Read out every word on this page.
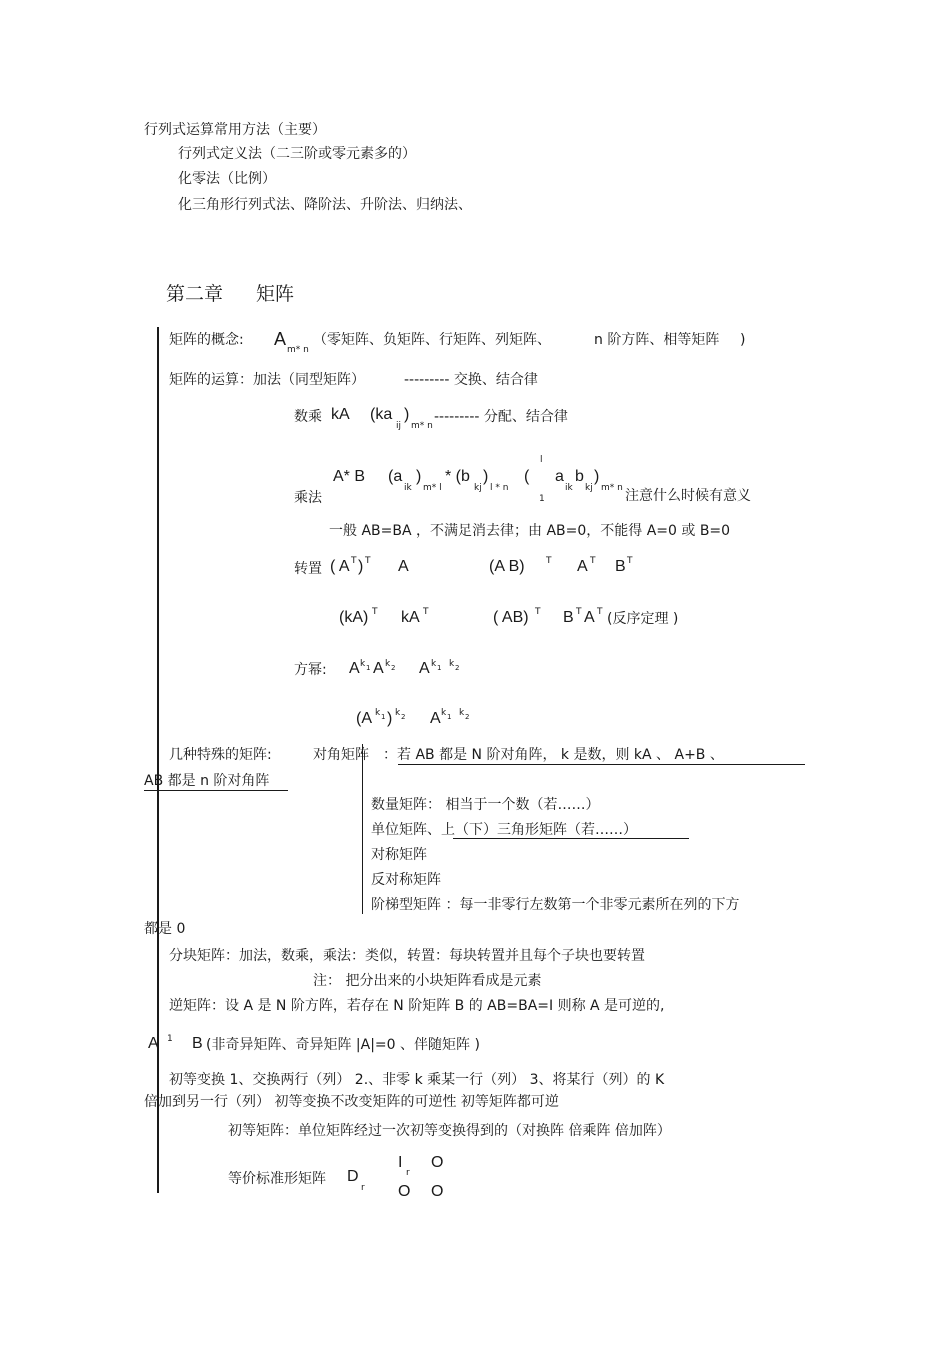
行列式运算常用方法（主要）
行列式定义法（二三阶或零元素多的）
化零法（比例）
化三角形行列式法、降阶法、升阶法、归纳法、
第二章 矩阵
矩阵的概念: A
m* n
（零矩阵、负矩阵、行矩阵、列矩阵、	n 阶方阵、相等矩阵 )
矩阵的运算：加法（同型矩阵）	--------- 交换、结合律
数乘 kA (ka
ij
)
m* n
--------- 分配、结合律
l
A* B (a
ik
)
m* l
* (b
kj
)
l * n
( a
ik
b
kj
)
m* n
乘法	1	注意什么时候有意义
一般 AB=BA ，不满足消去律；由 AB=0，不能得 A=0 或 B=0
转置 ( A T ) T A	(A B) T A T B T
(kA) T kA T	( AB) T B T A T (反序定理 )
方幂: A k 1 A k 2 A k 1 k 2
(A k 1 ) k 2 A k 1 k 2
几种特殊的矩阵:	对角矩阵 ：若 AB 都是 N 阶对角阵， k 是数，则 kA 、 A+B 、
AB 都是 n 阶对角阵
数量矩阵： 相当于一个数（若……）
单位矩阵、上（下）三角形矩阵（若……）
对称矩阵
反对称矩阵
阶梯型矩阵 ：每一非零行左数第一个非零元素所在列的下方
都是 0
分块矩阵：加法，数乘，乘法：类似，转置：每块转置并且每个子块也要转置
注： 把分出来的小块矩阵看成是元素
逆矩阵：设 A 是 N 阶方阵，若存在 N 阶矩阵 B 的 AB=BA=I 则称 A 是可逆的,
A 1 B (非奇异矩阵、奇异矩阵 |A|=0 、伴随矩阵 )
初等变换 1、交换两行（列） 2.、非零 k 乘某一行（列） 3、将某行（列）的 K
倍加到另一行（列） 初等变换不改变矩阵的可逆性 初等矩阵都可逆
初等矩阵：单位矩阵经过一次初等变换得到的（对换阵 倍乘阵 倍加阵）
等价标准形矩阵 D
r
I
r
O
O O
